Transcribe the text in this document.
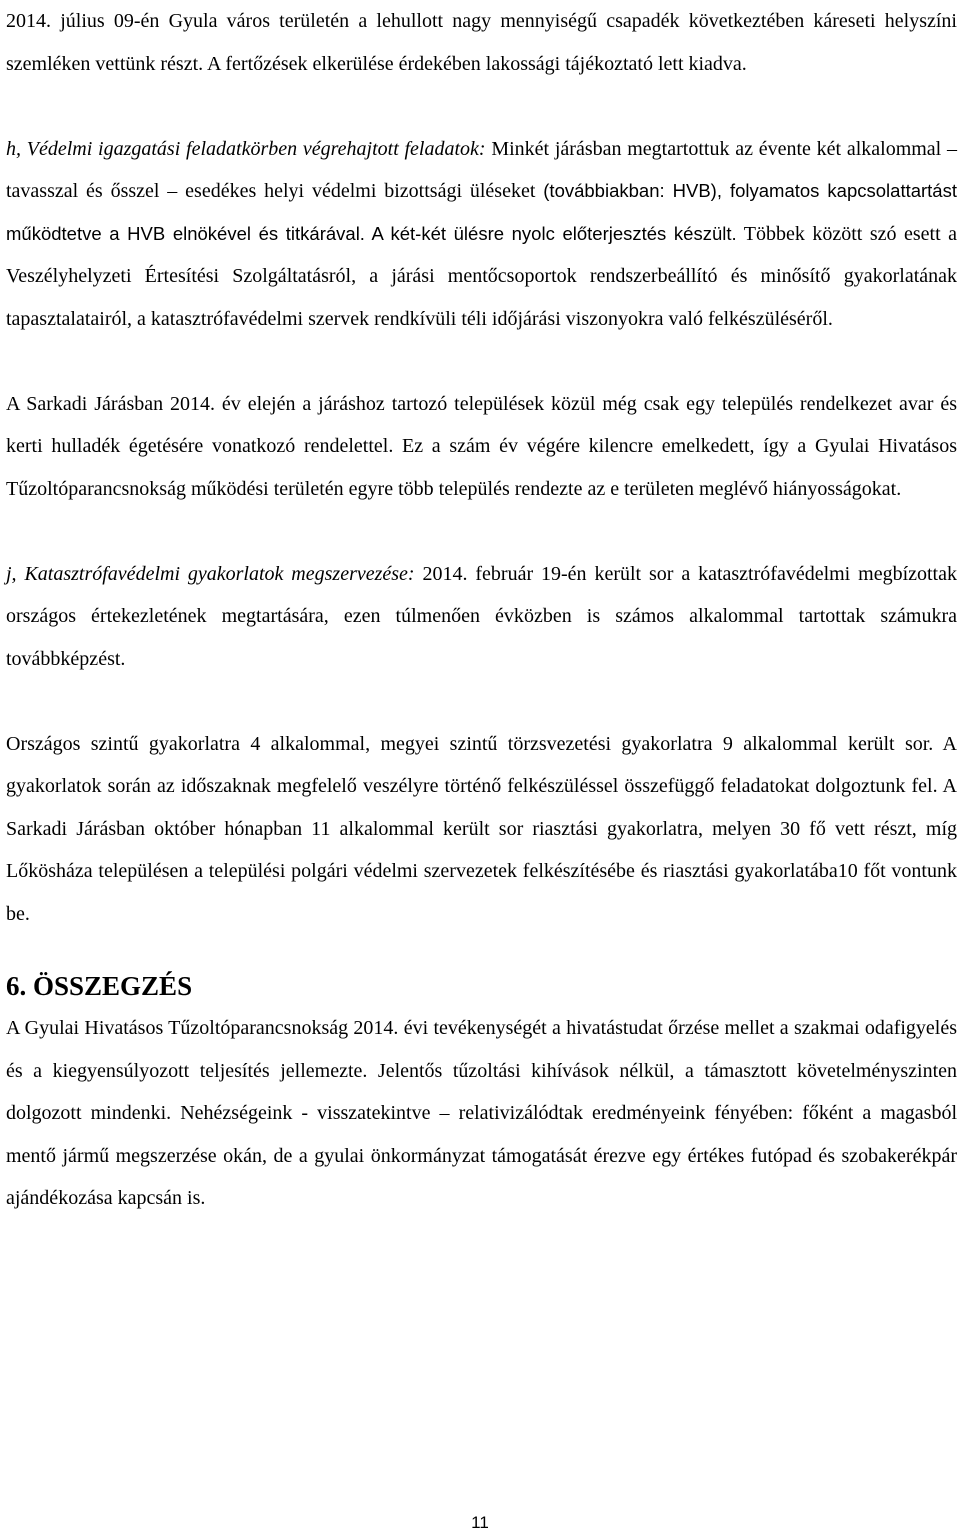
2014. július 09-én Gyula város területén a lehullott nagy mennyiségű csapadék következtében káreseti helyszíni szemléken vettünk részt. A fertőzések elkerülése érdekében lakossági tájékoztató lett kiadva.

h, Védelmi igazgatási feladatkörben végrehajtott feladatok: Minkét járásban megtartottuk az évente két alkalommal – tavasszal és ősszel – esedékes helyi védelmi bizottsági üléseket (továbbiakban: HVB), folyamatos kapcsolattartást működtetve a HVB elnökével és titkárával. A két-két ülésre nyolc előterjesztés készült. Többek között szó esett a Veszélyhelyzeti Értesítési Szolgáltatásról, a járási mentőcsoportok rendszerbeállító és minősítő gyakorlatának tapasztalatairól, a katasztrófavédelmi szervek rendkívüli téli időjárási viszonyokra való felkészüléséről.

A Sarkadi Járásban 2014. év elején a járáshoz tartozó települések közül még csak egy település rendelkezet avar és kerti hulladék égetésére vonatkozó rendelettel. Ez a szám év végére kilencre emelkedett, így a Gyulai Hivatásos Tűzoltóparancsnokság működési területén egyre több település rendezte az e területen meglévő hiányosságokat.

j, Katasztrófavédelmi gyakorlatok megszervezése: 2014. február 19-én került sor a katasztrófavédelmi megbízottak országos értekezletének megtartására, ezen túlmenően évközben is számos alkalommal tartottak számukra továbbképzést.

Országos szintű gyakorlatra 4 alkalommal, megyei szintű törzsvezetési gyakorlatra 9 alkalommal került sor. A gyakorlatok során az időszaknak megfelelő veszélyre történő felkészüléssel összefüggő feladatokat dolgoztunk fel. A Sarkadi Járásban október hónapban 11 alkalommal került sor riasztási gyakorlatra, melyen 30 fő vett részt, míg Lőkösháza településen a települési polgári védelmi szervezetek felkészítésébe és riasztási gyakorlatába10 főt vontunk be.

6. ÖSSZEGZÉS

A Gyulai Hivatásos Tűzoltóparancsnokság 2014. évi tevékenységét a hivatástudat őrzése mellet a szakmai odafigyelés és a kiegyensúlyozott teljesítés jellemezte. Jelentős tűzoltási kihívások nélkül, a támasztott követelményszinten dolgozott mindenki. Nehézségeink - visszatekintve – relativizálódtak eredményeink fényében: főként a magasból mentő jármű megszerzése okán, de a gyulai önkormányzat támogatását érezve egy értékes futópad és szobakerékpár ajándékozása kapcsán is.

11
